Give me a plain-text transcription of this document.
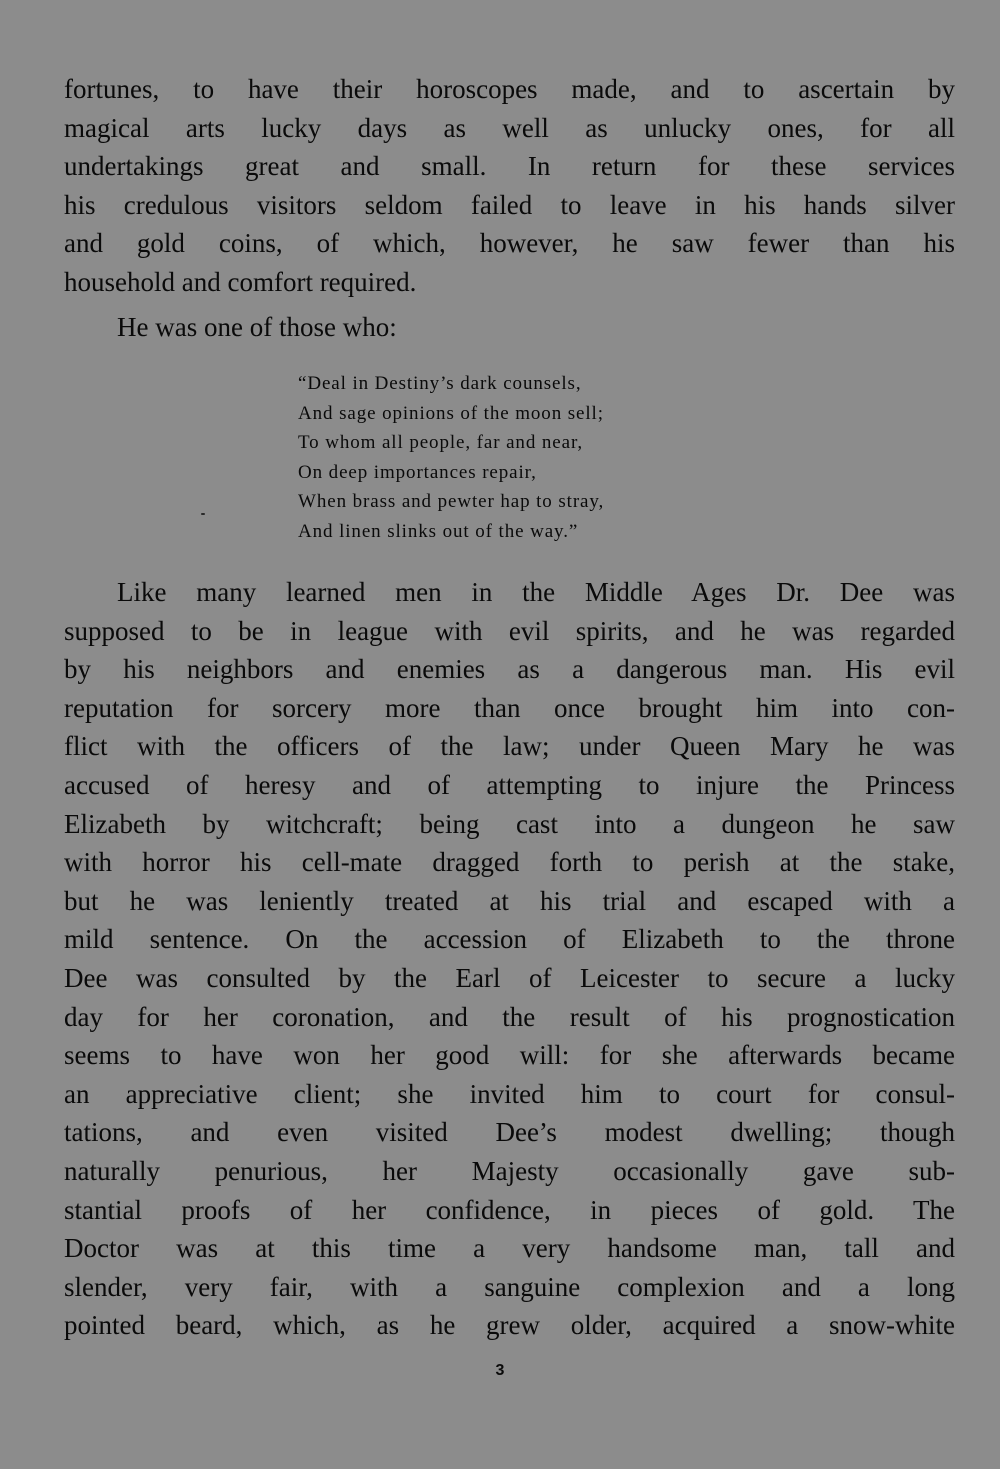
fortunes, to have their horoscopes made, and to ascertain by
magical arts lucky days as well as unlucky ones, for all
undertakings great and small. In return for these services
his credulous visitors seldom failed to leave in his hands silver
and gold coins, of which, however, he saw fewer than his
household and comfort required.
He was one of those who:
“Deal in Destiny’s dark counsels,
And sage opinions of the moon sell;
To whom all people, far and near,
On deep importances repair,
When brass and pewter hap to stray,
And linen slinks out of the way.”
Like many learned men in the Middle Ages Dr. Dee was
supposed to be in league with evil spirits, and he was regarded
by his neighbors and enemies as a dangerous man. His evil
reputation for sorcery more than once brought him into con-
flict with the officers of the law; under Queen Mary he was
accused of heresy and of attempting to injure the Princess
Elizabeth by witchcraft; being cast into a dungeon he saw
with horror his cell-mate dragged forth to perish at the stake,
but he was leniently treated at his trial and escaped with a
mild sentence. On the accession of Elizabeth to the throne
Dee was consulted by the Earl of Leicester to secure a lucky
day for her coronation, and the result of his prognostication
seems to have won her good will: for she afterwards became
an appreciative client; she invited him to court for consul-
tations, and even visited Dee’s modest dwelling; though
naturally penurious, her Majesty occasionally gave sub-
stantial proofs of her confidence, in pieces of gold. The
Doctor was at this time a very handsome man, tall and
slender, very fair, with a sanguine complexion and a long
pointed beard, which, as he grew older, acquired a snow-white
3
